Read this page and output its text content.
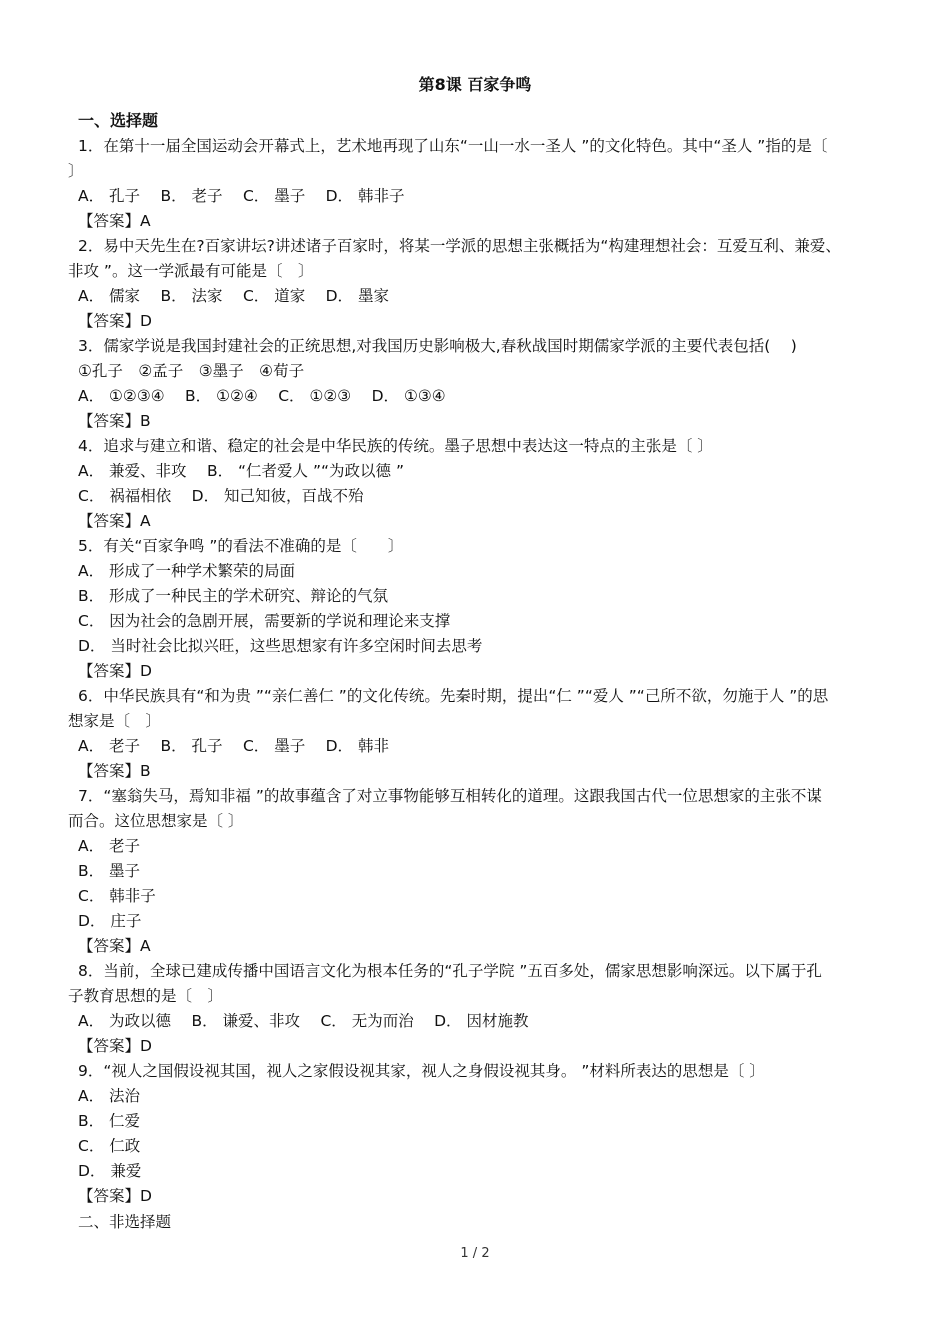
第8课 百家争鸣
一、选择题
1．在第十一届全国运动会开幕式上，艺术地再现了山东“一山一水一圣人 ”的文化特色。其中“圣人 ”指的是〔
〕
A． 孔子　 B． 老子　 C． 墨子　 D． 韩非子
【答案】A
2．易中天先生在?百家讲坛?讲述诸子百家时，将某一学派的思想主张概括为“构建理想社会：互爱互利、兼爱、
非攻 ”。这一学派最有可能是〔　〕
A． 儒家　 B． 法家　 C． 道家　 D． 墨家
【答案】D
3．儒家学说是我国封建社会的正统思想,对我国历史影响极大,春秋战国时期儒家学派的主要代表包括(　 )
①孔子　②孟子　③墨子　④荀子
A． ①②③④　 B． ①②④　 C． ①②③　 D． ①③④
【答案】B
4．追求与建立和谐、稳定的社会是中华民族的传统。墨子思想中表达这一特点的主张是〔 〕
A． 兼爱、非攻　 B． “仁者爱人 ”“为政以德 ”
C． 祸福相依　 D． 知己知彼，百战不殆
【答案】A
5．有关“百家争鸣 ”的看法不准确的是〔　　〕
A． 形成了一种学术繁荣的局面
B． 形成了一种民主的学术研究、辩论的气氛
C． 因为社会的急剧开展，需要新的学说和理论来支撑
D． 当时社会比拟兴旺，这些思想家有许多空闲时间去思考
【答案】D
6．中华民族具有“和为贵 ”“亲仁善仁 ”的文化传统。先秦时期，提出“仁 ”“爱人 ”“己所不欲，勿施于人 ”的思
想家是〔　〕
A． 老子　 B． 孔子　 C． 墨子　 D． 韩非
【答案】B
7．“塞翁失马，焉知非福 ”的故事蕴含了对立事物能够互相转化的道理。这跟我国古代一位思想家的主张不谋
而合。这位思想家是〔 〕
A． 老子
B． 墨子
C． 韩非子
D． 庄子
【答案】A
8．当前，全球已建成传播中国语言文化为根本任务的“孔子学院 ”五百多处，儒家思想影响深远。以下属于孔
子教育思想的是〔　〕
A． 为政以德　 B． 谦爱、非攻　 C． 无为而治　 D． 因材施教
【答案】D
9．“视人之国假设视其国，视人之家假设视其家，视人之身假设视其身。 ”材料所表达的思想是〔 〕
A． 法治
B． 仁爱
C． 仁政
D． 兼爱
【答案】D
二、非选择题
1 / 2
